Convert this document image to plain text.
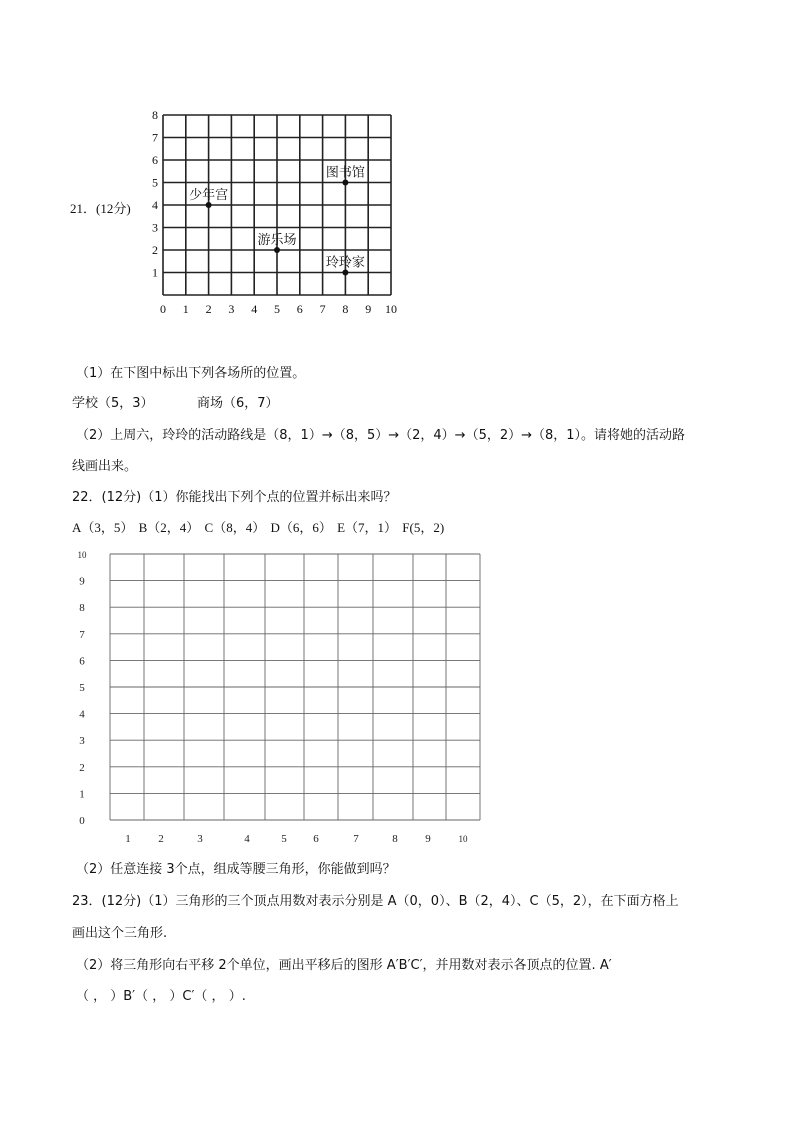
21．(12分)
0 1 2 3 4 5 6 7 8 9 10
1
2
3
4
5
6
7
8
少年宫
图书馆
游乐场
玲玲家
（1）在下图中标出下列各场所的位置。
学校（5，3）	商场（6，7）
（2）上周六，玲玲的活动路线是（8，1）→（8，5）→（2，4）→（5，2）→（8，1）。请将她的活动路
线画出来。
22．(12分)（1）你能找出下列个点的位置并标出来吗？
A（3，5） B（2，4） C（8，4） D（6，6） E（7，1） F(5，2)
0
1
2
3
4
5
6
7
8
9
10
1	2	3	4	5 6	7	8	9	10
（2）任意连接 3个点，组成等腰三角形，你能做到吗？
23．(12分)（1）三角形的三个顶点用数对表示分别是 A（0，0）、B（2，4）、C（5，2），在下面方格上
画出这个三角形.
（2）将三角形向右平移 2个单位，画出平移后的图形 A′B′C′，并用数对表示各顶点的位置. A′
（ ， ）B′（ ， ）C′（ ， ）.
